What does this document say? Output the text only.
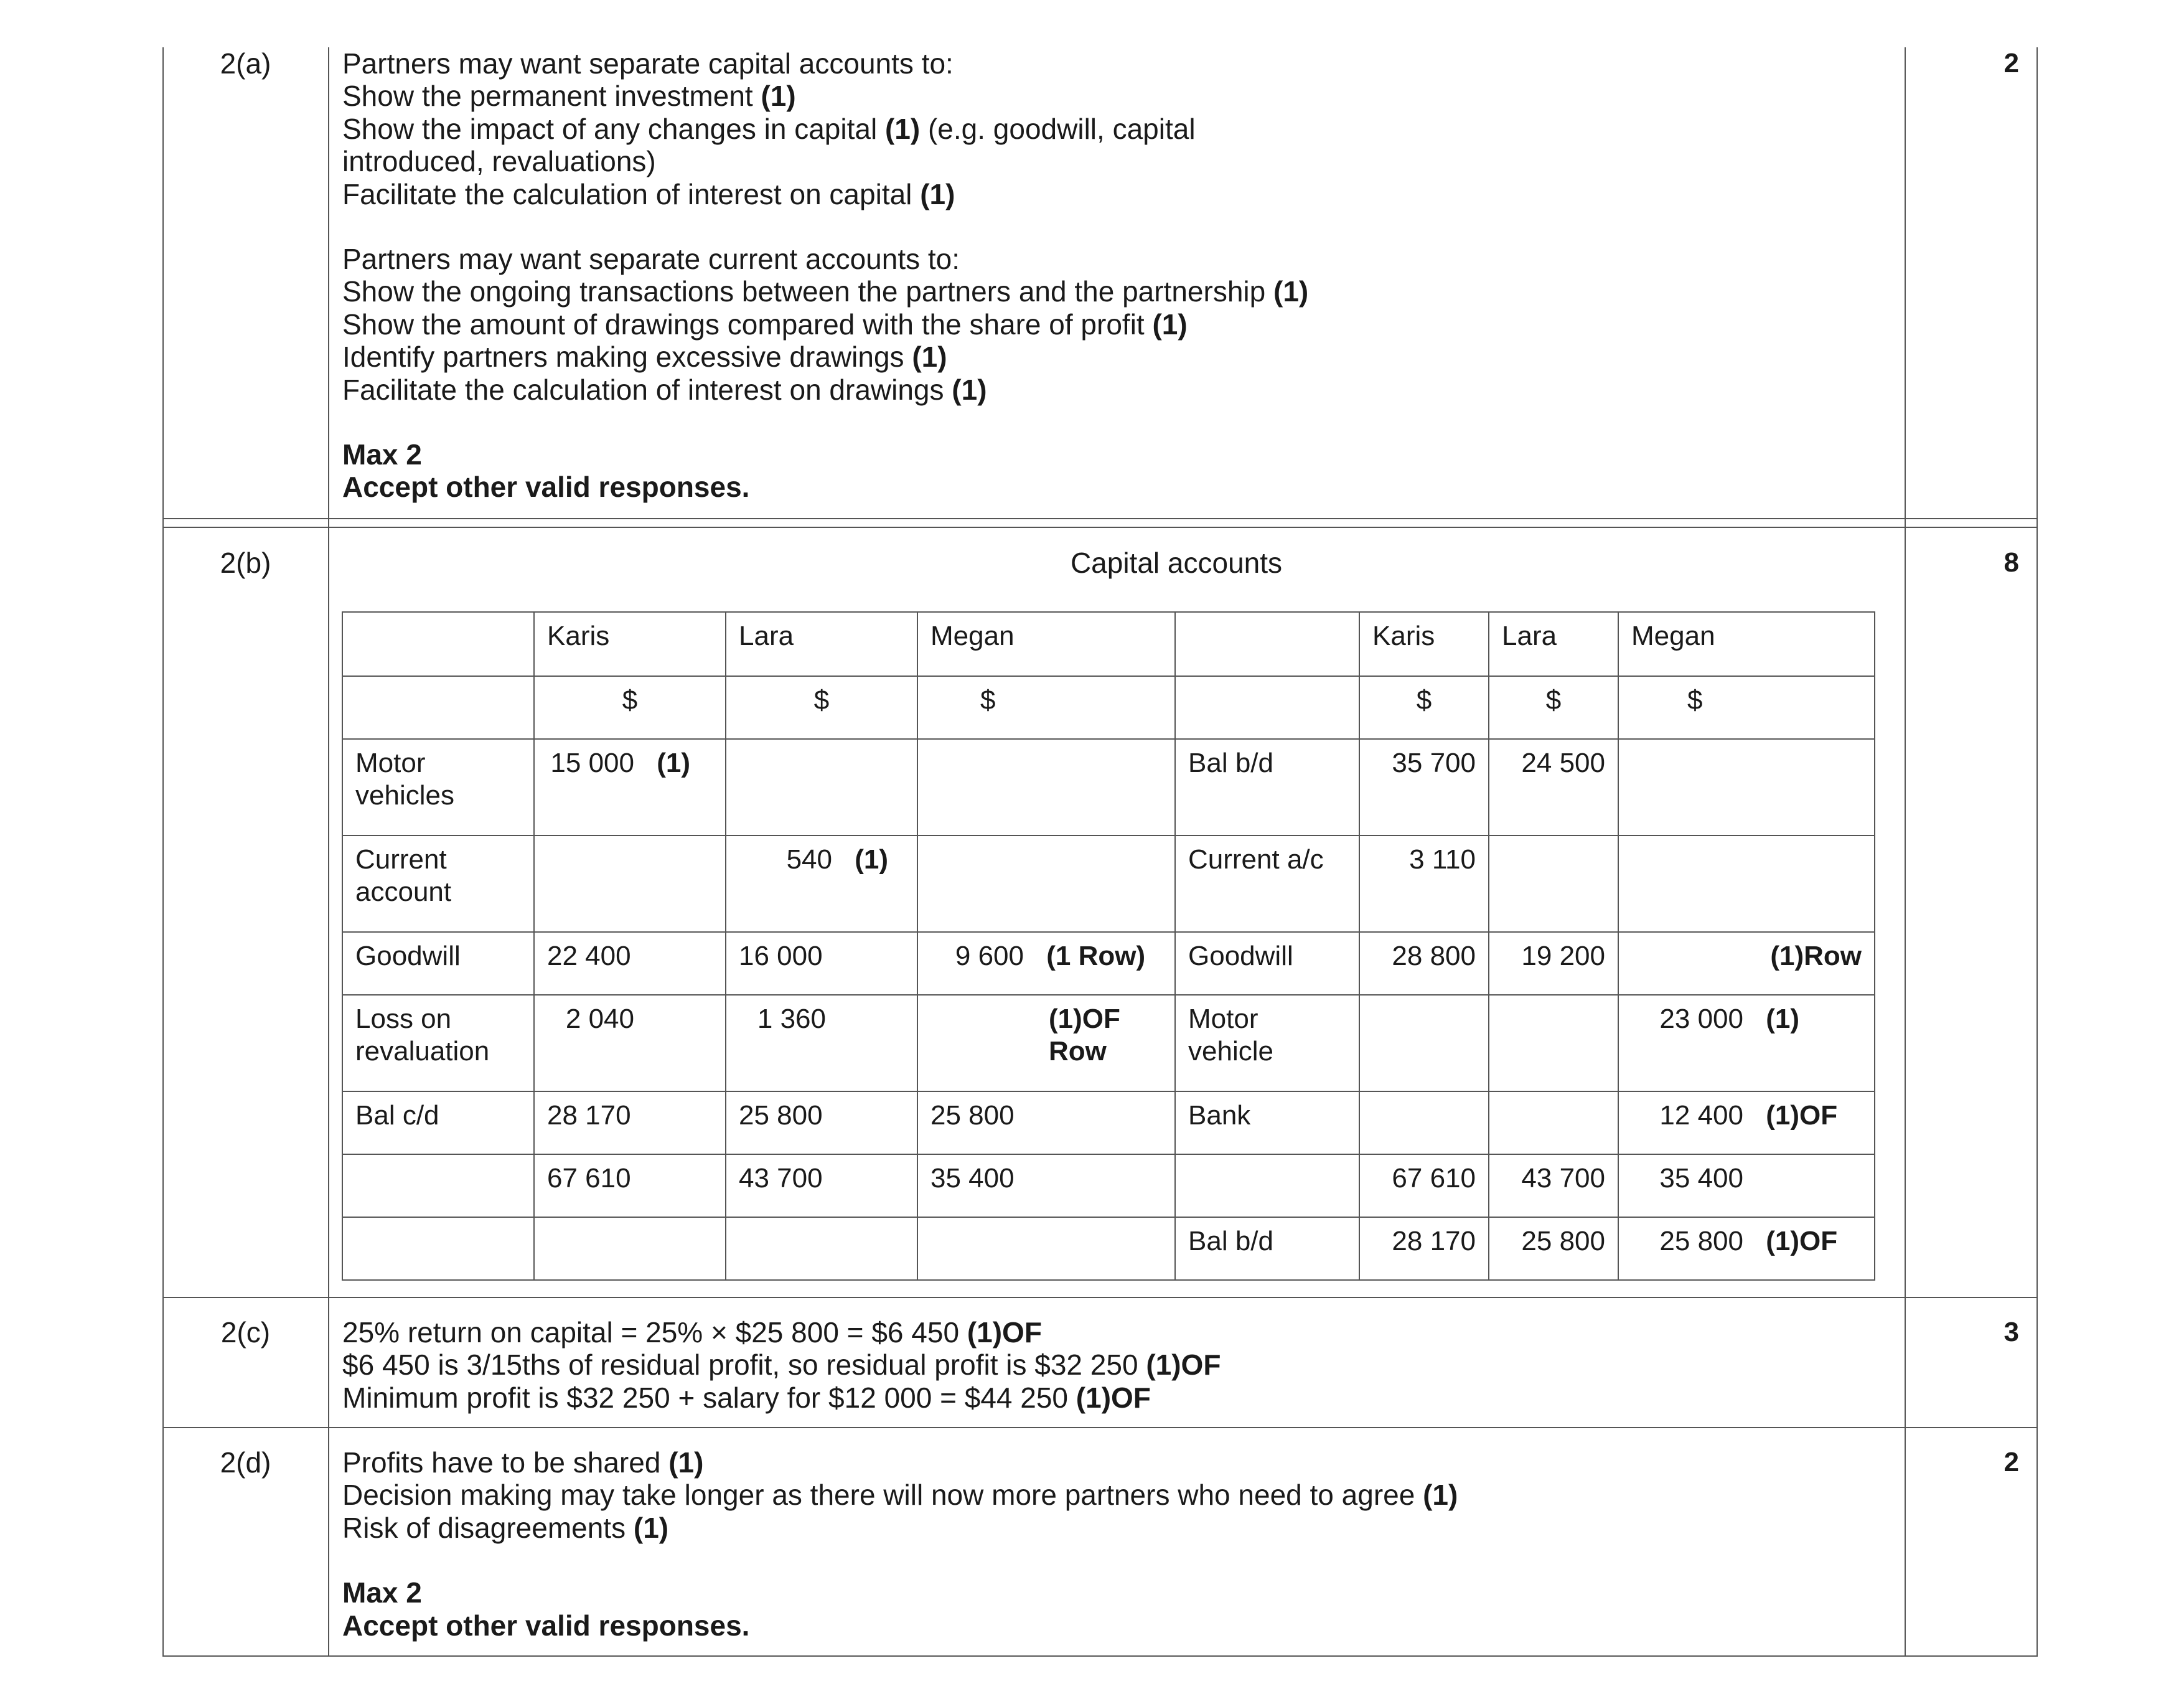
2(a)	2
Partners may want separate capital accounts to:
Show the permanent investment (1)
Show the impact of any changes in capital (1) (e.g. goodwill, capital
introduced, revaluations)
Facilitate the calculation of interest on capital (1)
Partners may want separate current accounts to:
Show the ongoing transactions between the partners and the partnership (1)
Show the amount of drawings compared with the share of profit (1)
Identify partners making excessive drawings (1)
Facilitate the calculation of interest on drawings (1)
Max 2
Accept other valid responses.
2(b)	8
Capital accounts
	Karis	Lara	Megan		Karis	Lara	Megan
	$	$	$		$	$	$
Motor vehicles	15 000 (1)			Bal b/d	35 700	24 500	
Current account		540 (1)		Current a/c	3 110		
Goodwill	22 400	16 000	9 600 (1 Row)	Goodwill	28 800	19 200	(1)Row
Loss on revaluation	2 040	1 360	(1)OF Row	Motor vehicle			23 000 (1)
Bal c/d	28 170	25 800	25 800	Bank			12 400 (1)OF
	67 610	43 700	35 400		67 610	43 700	35 400
				Bal b/d	28 170	25 800	25 800 (1)OF
2(c)	3
25% return on capital = 25% × $25 800 = $6 450 (1)OF
$6 450 is 3/15ths of residual profit, so residual profit is $32 250 (1)OF
Minimum profit is $32 250 + salary for $12 000 = $44 250 (1)OF
2(d)	2
Profits have to be shared (1)
Decision making may take longer as there will now more partners who need to agree (1)
Risk of disagreements (1)
Max 2
Accept other valid responses.
